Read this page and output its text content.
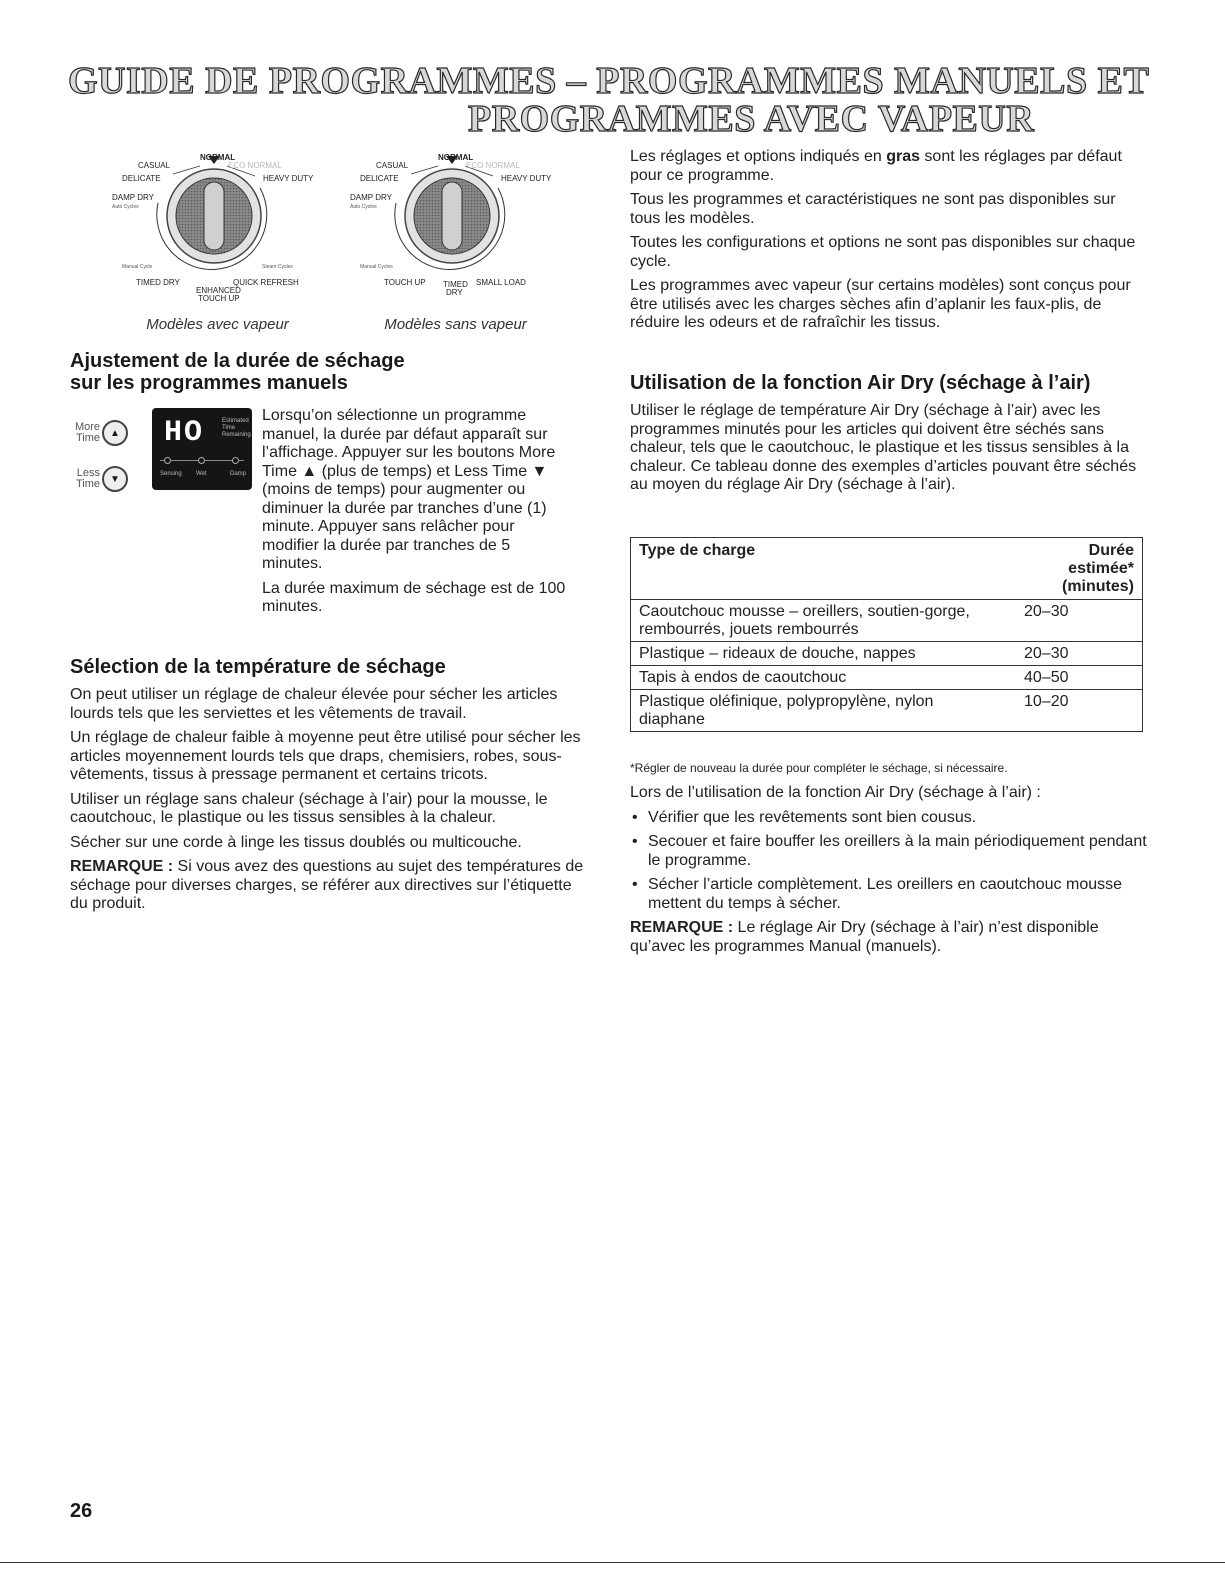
GUIDE DE PROGRAMMES – PROGRAMMES MANUELS ET
PROGRAMMES AVEC VAPEUR
CASUAL
NORMAL
ECO NORMAL
DELICATE	HEAVY DUTY
DAMP DRY
Auto Cycles
Manual Cycle	Steam Cycles
TIMED DRY	QUICK REFRESH
ENHANCED
TOUCH UP
Modèles avec vapeur
CASUAL
NORMAL
ECO NORMAL
DELICATE	HEAVY DUTY
DAMP DRY
Auto Cycles
Manual Cycles
TOUCH UP TIMED
DRY
SMALL LOAD
Modèles sans vapeur
Ajustement de la durée de séchage
sur les programmes manuels
More
Time ▲
Less
Time ▼
HO	Estimated
Time
Remaining
Sensing Wet	Damp

Lorsqu’on sélectionne un programme manuel, la durée par défaut apparaît sur l’affichage. Appuyer sur les boutons More Time ▲ (plus de temps) et Less Time ▼ (moins de temps) pour augmenter ou diminuer la durée par tranches d’une (1) minute. Appuyer sans relâcher pour modifier la durée par tranches de 5 minutes.

La durée maximum de séchage est de 100 minutes.

Sélection de la température de séchage

On peut utiliser un réglage de chaleur élevée pour sécher les articles lourds tels que les serviettes et les vêtements de travail.

Un réglage de chaleur faible à moyenne peut être utilisé pour sécher les articles moyennement lourds tels que draps, chemisiers, robes, sous-vêtements, tissus à pressage permanent et certains tricots.

Utiliser un réglage sans chaleur (séchage à l’air) pour la mousse, le caoutchouc, le plastique ou les tissus sensibles à la chaleur.

Sécher sur une corde à linge les tissus doublés ou multicouche.

REMARQUE : Si vous avez des questions au sujet des températures de séchage pour diverses charges, se référer aux directives sur l’étiquette du produit.

Les réglages et options indiqués en gras sont les réglages par défaut pour ce programme.

Tous les programmes et caractéristiques ne sont pas disponibles sur tous les modèles.

Toutes les configurations et options ne sont pas disponibles sur chaque cycle.

Les programmes avec vapeur (sur certains modèles) sont conçus pour être utilisés avec les charges sèches afin d’aplanir les faux-plis, de réduire les odeurs et de rafraîchir les tissus.

Utilisation de la fonction Air Dry (séchage à l’air)

Utiliser le réglage de température Air Dry (séchage à l’air) avec les programmes minutés pour les articles qui doivent être séchés sans chaleur, tels que le caoutchouc, le plastique et les tissus sensibles à la chaleur. Ce tableau donne des exemples d’articles pouvant être séchés au moyen du réglage Air Dry (séchage à l’air).

Type de charge	Durée
estimée*
(minutes)
Caoutchouc mousse – oreillers, soutien-gorge, rembourrés, jouets rembourrés	20–30
Plastique – rideaux de douche, nappes	20–30
Tapis à endos de caoutchouc	40–50
Plastique oléfinique, polypropylène, nylon diaphane	10–20

*Régler de nouveau la durée pour compléter le séchage, si nécessaire.

Lors de l’utilisation de la fonction Air Dry (séchage à l’air) :

• Vérifier que les revêtements sont bien cousus.
• Secouer et faire bouffer les oreillers à la main périodiquement pendant le programme.
• Sécher l’article complètement. Les oreillers en caoutchouc mousse mettent du temps à sécher.

REMARQUE : Le réglage Air Dry (séchage à l’air) n’est disponible qu’avec les programmes Manual (manuels).

26
